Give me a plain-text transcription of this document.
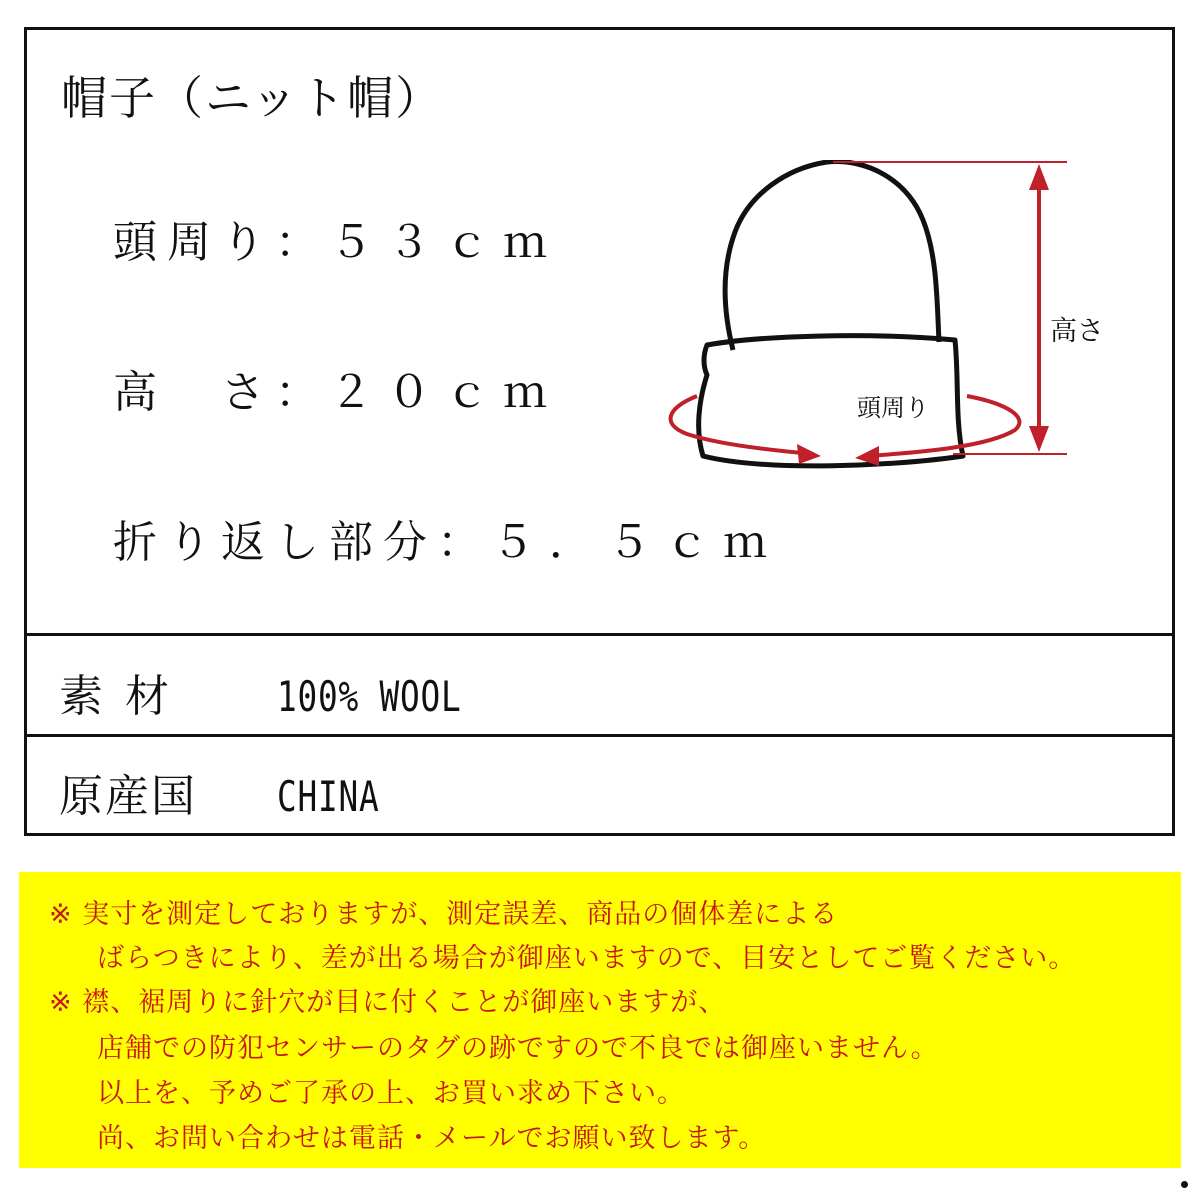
帽子（ニット帽）
頭周り：５３ｃｍ
高　さ：２０ｃｍ
折り返し部分：５．５ｃｍ
高さ
頭周り
素材 100% WOOL
原産国 CHINA
※ 実寸を測定しておりますが、測定誤差、商品の個体差による
ばらつきにより、差が出る場合が御座いますので、目安としてご覧ください。
※ 襟、裾周りに針穴が目に付くことが御座いますが、
店舗での防犯センサーのタグの跡ですので不良では御座いません。
以上を、予めご了承の上、お買い求め下さい。
尚、お問い合わせは電話・メールでお願い致します。
